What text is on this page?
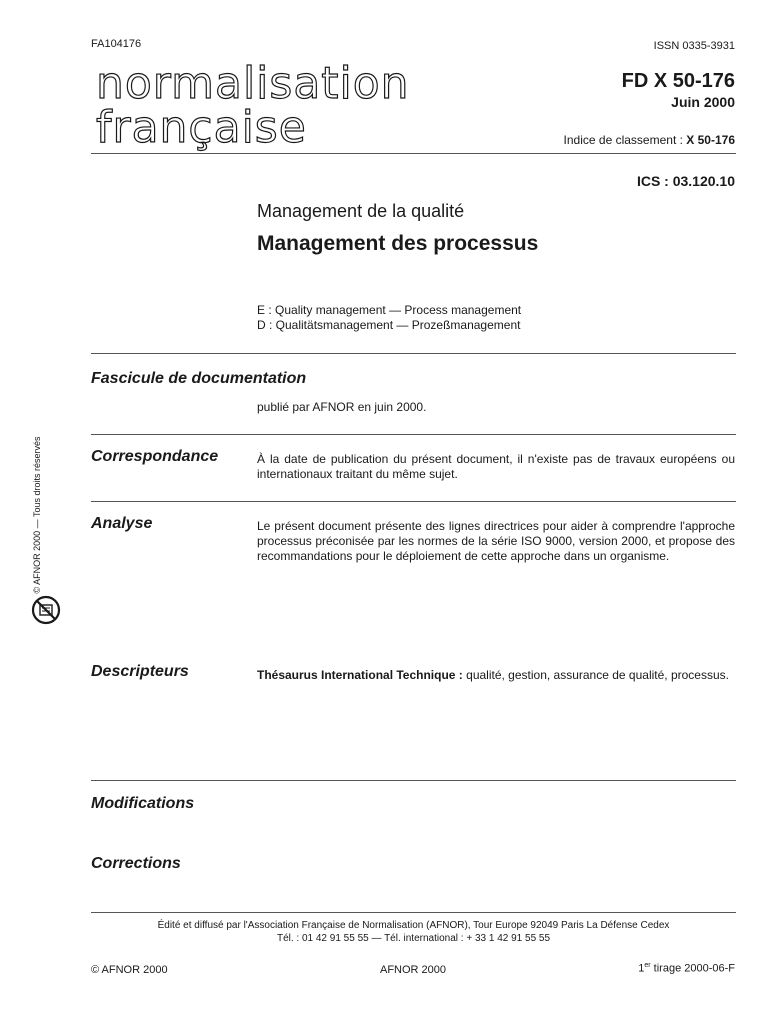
FA104176	ISSN 0335-3931
normalisation
française
FD X 50-176
Juin 2000
Indice de classement : X 50-176
ICS : 03.120.10
Management de la qualité
Management des processus
E : Quality management — Process management
D : Qualitätsmanagement — Prozeßmanagement
Fascicule de documentation
publié par AFNOR en juin 2000.
Correspondance	À la date de publication du présent document, il n'existe pas de travaux européens ou internationaux traitant du même sujet.
Analyse	Le présent document présente des lignes directrices pour aider à comprendre l'approche processus préconisée par les normes de la série ISO 9000, version 2000, et propose des recommandations pour le déploiement de cette approche dans un organisme.
Descripteurs	Thésaurus International Technique : qualité, gestion, assurance de qualité, processus.
Modifications
Corrections
Édité et diffusé par l'Association Française de Normalisation (AFNOR), Tour Europe 92049 Paris La Défense Cedex
Tél. : 01 42 91 55 55 — Tél. international : + 33 1 42 91 55 55
© AFNOR 2000	AFNOR 2000	1er tirage 2000-06-F
© AFNOR 2000 — Tous droits réservés
